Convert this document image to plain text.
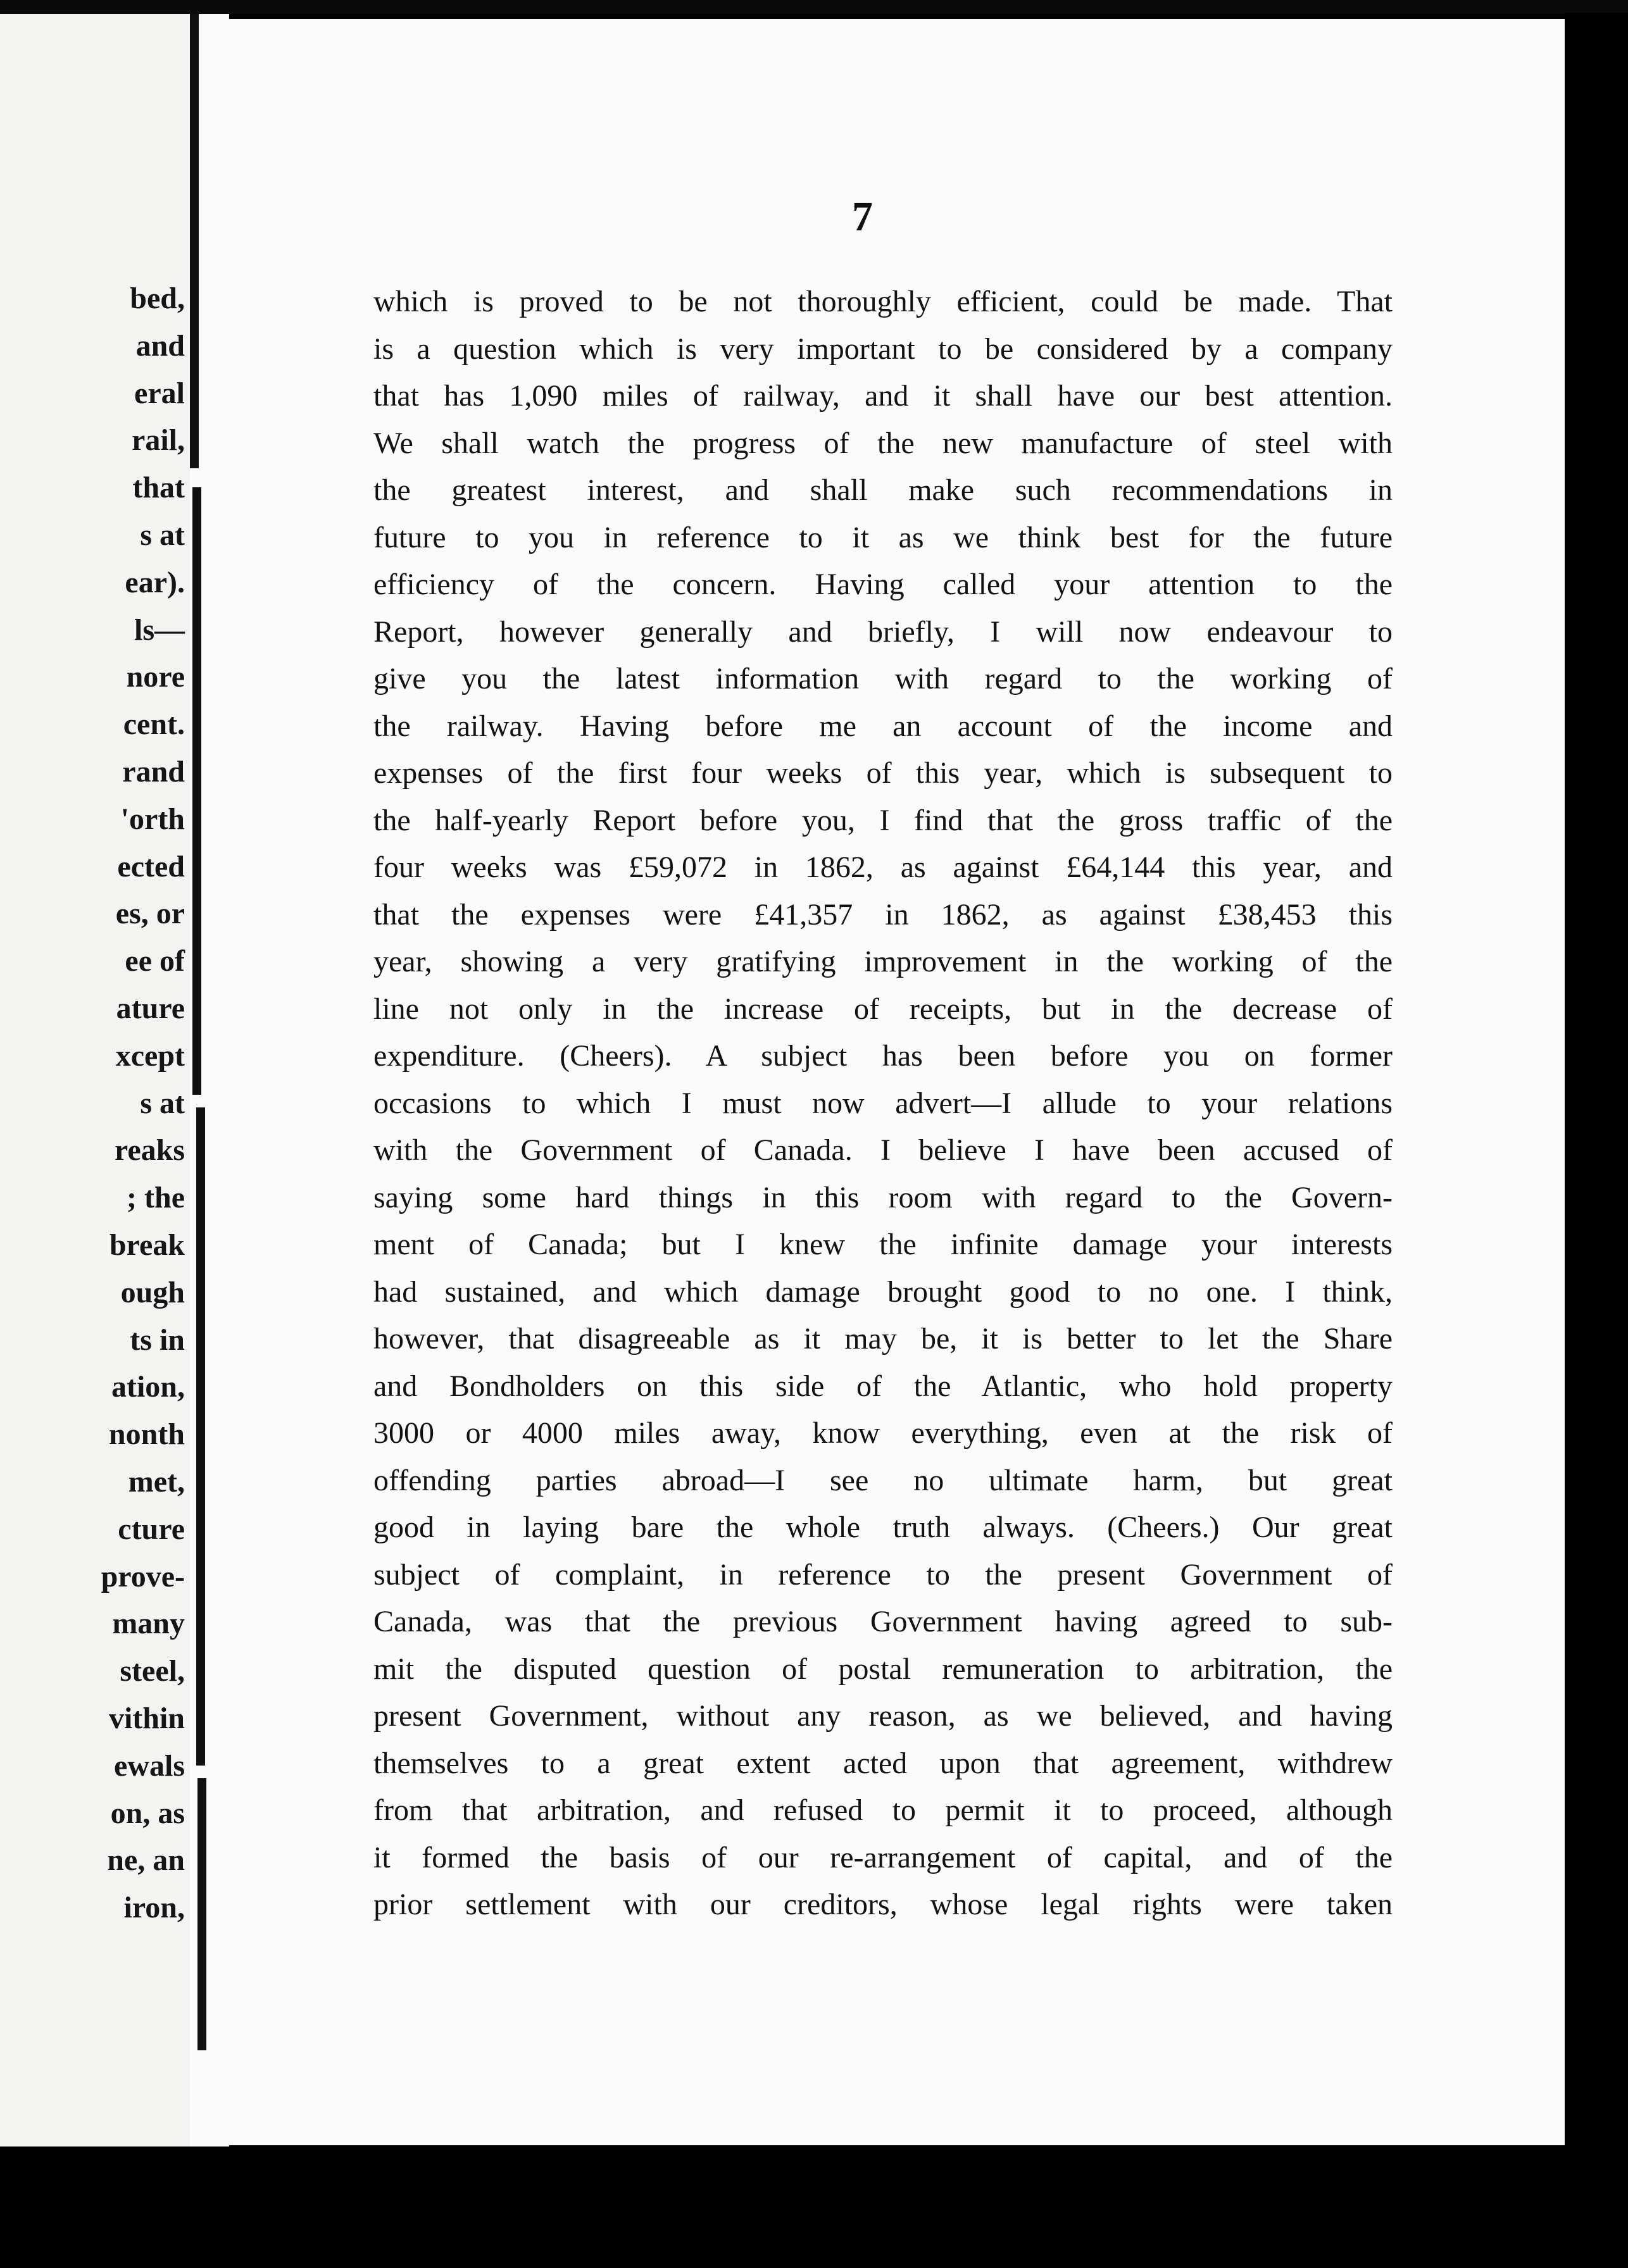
bed,
and
eral
rail,
that
s at
ear).
ls—
nore
cent.
rand
'orth
ected
es, or
ee of
ature
xcept
s at
reaks
; the
break
ough
ts in
ation,
nonth
met,
cture
prove-
many
steel,
vithin
ewals
on, as
ne, an
iron,
7
which is proved to be not thoroughly efficient, could be made. That
is a question which is very important to be considered by a company
that has 1,090 miles of railway, and it shall have our best attention.
We shall watch the progress of the new manufacture of steel with
the greatest interest, and shall make such recommendations in
future to you in reference to it as we think best for the future
efficiency of the concern. Having called your attention to the
Report, however generally and briefly, I will now endeavour to
give you the latest information with regard to the working of
the railway. Having before me an account of the income and
expenses of the first four weeks of this year, which is subsequent to
the half-yearly Report before you, I find that the gross traffic of the
four weeks was £59,072 in 1862, as against £64,144 this year, and
that the expenses were £41,357 in 1862, as against £38,453 this
year, showing a very gratifying improvement in the working of the
line not only in the increase of receipts, but in the decrease of
expenditure. (Cheers). A subject has been before you on former
occasions to which I must now advert—I allude to your relations
with the Government of Canada. I believe I have been accused of
saying some hard things in this room with regard to the Govern-
ment of Canada; but I knew the infinite damage your interests
had sustained, and which damage brought good to no one. I think,
however, that disagreeable as it may be, it is better to let the Share
and Bondholders on this side of the Atlantic, who hold property
3000 or 4000 miles away, know everything, even at the risk of
offending parties abroad—I see no ultimate harm, but great
good in laying bare the whole truth always. (Cheers.) Our great
subject of complaint, in reference to the present Government of
Canada, was that the previous Government having agreed to sub-
mit the disputed question of postal remuneration to arbitration, the
present Government, without any reason, as we believed, and having
themselves to a great extent acted upon that agreement, withdrew
from that arbitration, and refused to permit it to proceed, although
it formed the basis of our re-arrangement of capital, and of the
prior settlement with our creditors, whose legal rights were taken
